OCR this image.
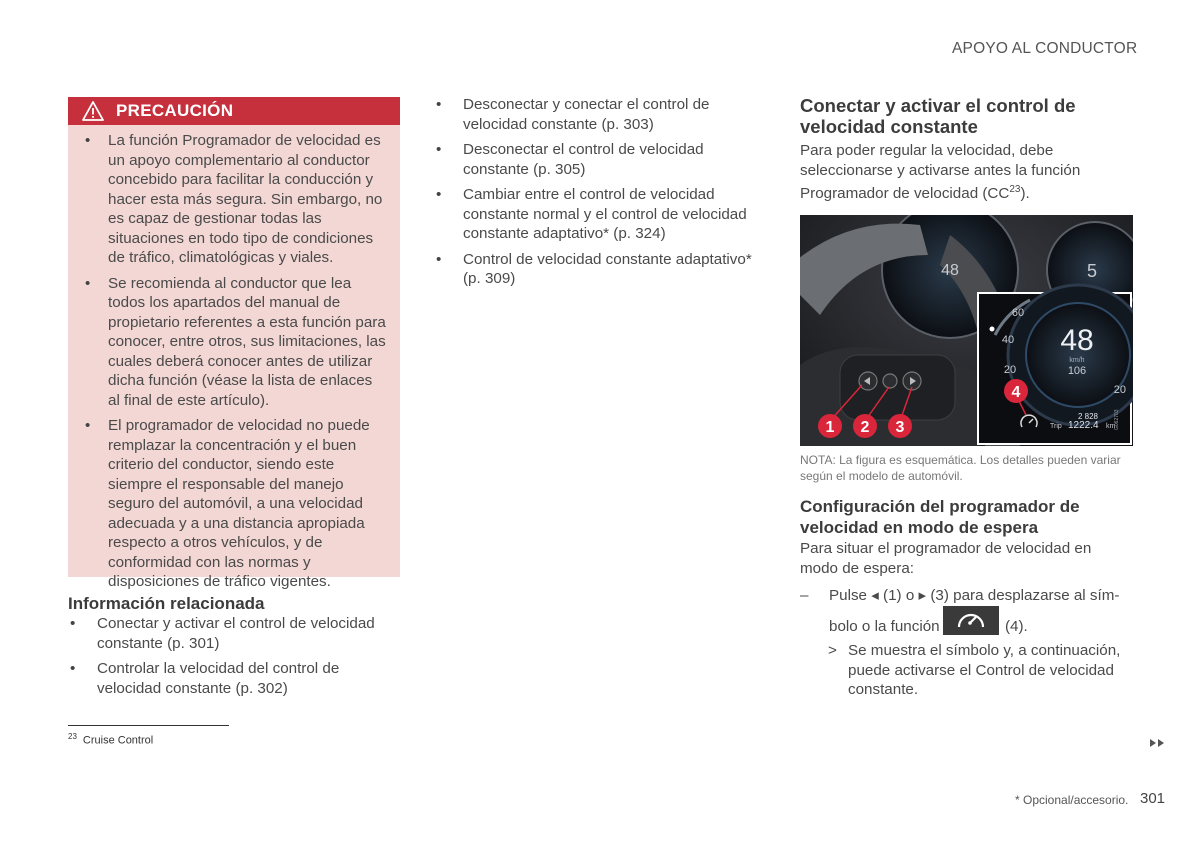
APOYO AL CONDUCTOR
PRECAUCIÓN
• La función Programador de velocidad es un apoyo complementario al conductor concebido para facilitar la conducción y hacer esta más segura. Sin embargo, no es capaz de gestionar todas las situaciones en todo tipo de condiciones de tráfico, climatológicas y viales.
• Se recomienda al conductor que lea todos los apartados del manual de propietario referentes a esta función para conocer, entre otros, sus limitaciones, las cuales deberá conocer antes de utilizar dicha función (véase la lista de enlaces al final de este artículo).
• El programador de velocidad no puede remplazar la concentración y el buen criterio del conductor, siendo este siempre el responsable del manejo seguro del automóvil, a una velocidad adecuada y a una distancia apropiada respecto a otros vehículos, y de conformidad con las normas y disposiciones de tráfico vigentes.
Información relacionada
• Conectar y activar el control de velocidad constante (p. 301)
• Controlar la velocidad del control de velocidad constante (p. 302)
• Desconectar y conectar el control de velocidad constante (p. 303)
• Desconectar el control de velocidad constante (p. 305)
• Cambiar entre el control de velocidad constante normal y el control de velocidad constante adaptativo* (p. 324)
• Control de velocidad constante adaptativo* (p. 309)
$^{23}$ Cruise Control
Conectar y activar el control de velocidad constante
Para poder regular la velocidad, debe seleccionarse y activarse antes la función Programador de velocidad (CC$^{23}$).
48	5
60
40
20
20
48
km/h
106
2 828
Trip 1222.4 km
G062703
1 2 3
4
NOTA: La figura es esquemática. Los detalles pueden variar según el modelo de automóvil.
Configuración del programador de velocidad en modo de espera
Para situar el programador de velocidad en modo de espera:
– Pulse ◂ (1) o ▸ (3) para desplazarse al sím-
bolo o la función	(4).
> Se muestra el símbolo y, a continuación, puede activarse el Control de velocidad constante.
* Opcional/accesorio. 301
